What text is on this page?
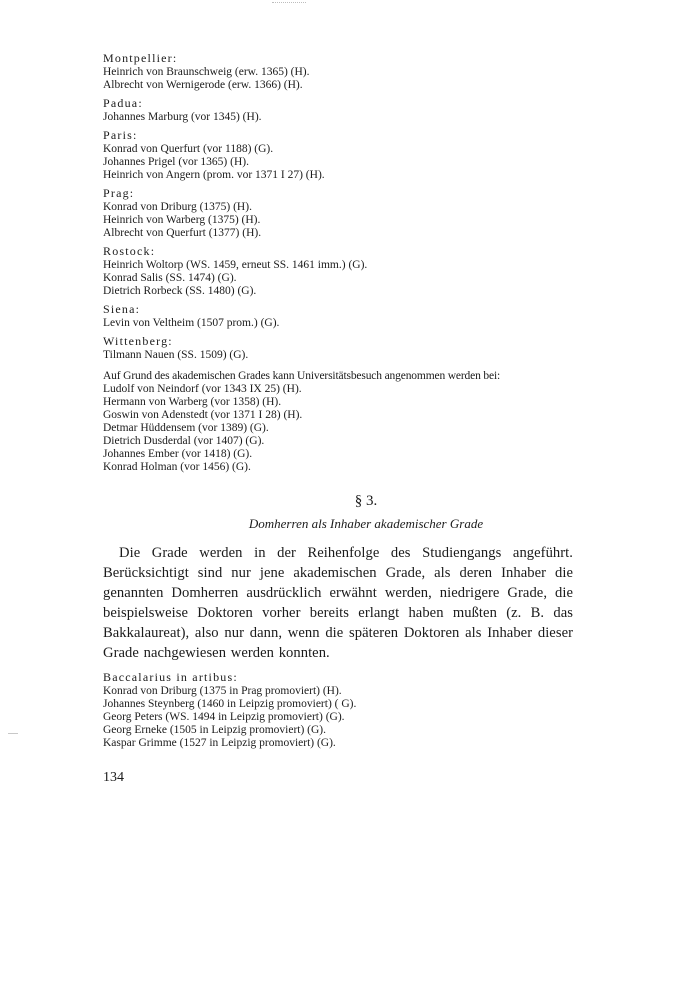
Montpellier:
Heinrich von Braunschweig (erw. 1365) (H).
Albrecht von Wernigerode (erw. 1366) (H).
Padua:
Johannes Marburg (vor 1345) (H).
Paris:
Konrad von Querfurt (vor 1188) (G).
Johannes Prigel (vor 1365) (H).
Heinrich von Angern (prom. vor 1371 I 27) (H).
Prag:
Konrad von Driburg (1375) (H).
Heinrich von Warberg (1375) (H).
Albrecht von Querfurt (1377) (H).
Rostock:
Heinrich Woltorp (WS. 1459, erneut SS. 1461 imm.) (G).
Konrad Salis (SS. 1474) (G).
Dietrich Rorbeck (SS. 1480) (G).
Siena:
Levin von Veltheim (1507 prom.) (G).
Wittenberg:
Tilmann Nauen (SS. 1509) (G).
Auf Grund des akademischen Grades kann Universitätsbesuch angenommen werden bei:
Ludolf von Neindorf (vor 1343 IX 25) (H).
Hermann von Warberg (vor 1358) (H).
Goswin von Adenstedt (vor 1371 I 28) (H).
Detmar Hüddensem (vor 1389) (G).
Dietrich Dusderdal (vor 1407) (G).
Johannes Ember (vor 1418) (G).
Konrad Holman (vor 1456) (G).
§ 3.
Domherren als Inhaber akademischer Grade
Die Grade werden in der Reihenfolge des Studiengangs angeführt. Berücksichtigt sind nur jene akademischen Grade, als deren Inhaber die genannten Domherren ausdrücklich erwähnt werden, niedrigere Grade, die beispielsweise Doktoren vorher bereits erlangt haben mußten (z. B. das Bakkalaureat), also nur dann, wenn die späteren Doktoren als Inhaber dieser Grade nachgewiesen werden konnten.
Baccalarius in artibus:
Konrad von Driburg (1375 in Prag promoviert) (H).
Johannes Steynberg (1460 in Leipzig promoviert) ( G).
Georg Peters (WS. 1494 in Leipzig promoviert) (G).
Georg Erneke (1505 in Leipzig promoviert) (G).
Kaspar Grimme (1527 in Leipzig promoviert) (G).
134
